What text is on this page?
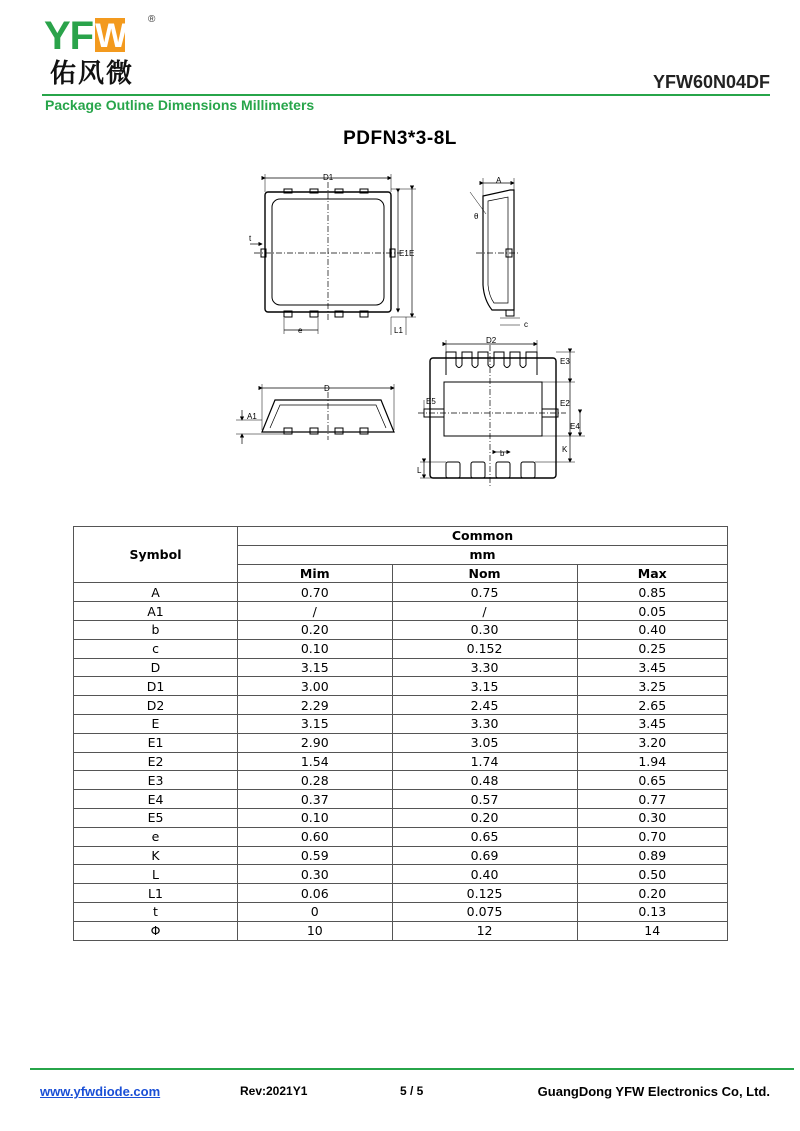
YFW ®
佑风微	YFW60N04DF
Package Outline Dimensions Millimeters
PDFN3*3-8L
D1
E1 E
t
e	L1
A
θ
c
D
A1
D2
E3
E5	E2
E4
K
b
L
Symbol	Common		
	mm		
	Mim	Nom	Max
A	0.70	0.75	0.85
A1	/	/	0.05
b	0.20	0.30	0.40
c	0.10	0.152	0.25
D	3.15	3.30	3.45
D1	3.00	3.15	3.25
D2	2.29	2.45	2.65
E	3.15	3.30	3.45
E1	2.90	3.05	3.20
E2	1.54	1.74	1.94
E3	0.28	0.48	0.65
E4	0.37	0.57	0.77
E5	0.10	0.20	0.30
e	0.60	0.65	0.70
K	0.59	0.69	0.89
L	0.30	0.40	0.50
L1	0.06	0.125	0.20
t	0	0.075	0.13
Φ	10	12	14
www.yfwdiode.com	Rev:2021Y1	5 / 5	GuangDong YFW Electronics Co, Ltd.
